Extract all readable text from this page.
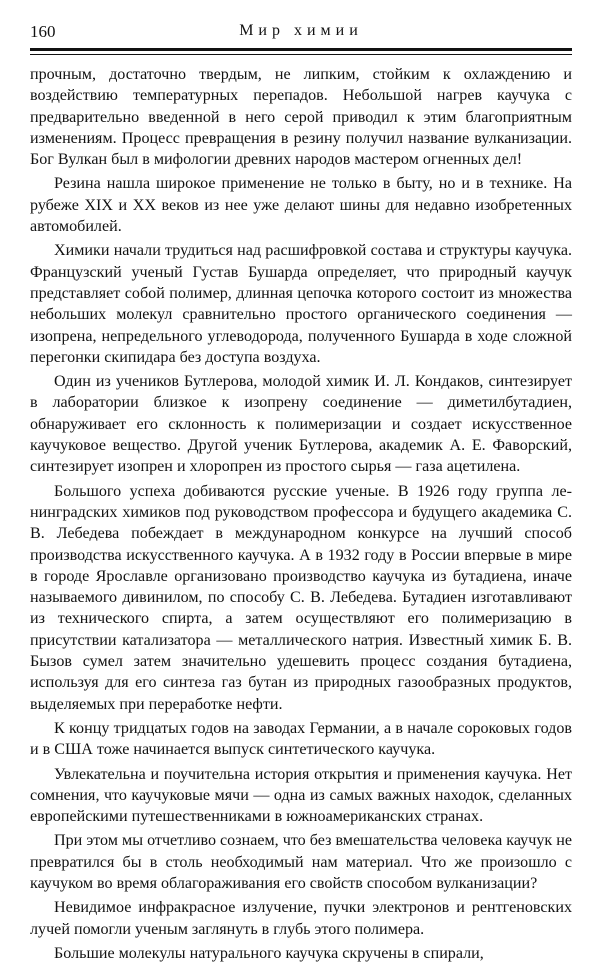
160	Мир химии

прочным, достаточно твердым, не липким, стойким к охлаждению и воздействию температурных перепадов. Небольшой нагрев каучука с предварительно введенной в него серой приводил к этим благоприятным изменениям. Процесс превращения в резину получил название вулканизации. Бог Вулкан был в мифологии древних народов мастером огненных дел!

Резина нашла широкое применение не только в быту, но и в технике. На рубеже XIX и XX веков из нее уже делают шины для недавно изобретенных автомобилей.

Химики начали трудиться над расшифровкой состава и структуры каучука. Французский ученый Густав Бушарда определяет, что природный каучук представляет собой полимер, длинная цепочка которого состоит из множества небольших молекул сравнительно простого органического соединения — изопрена, непредельного углеводорода, полученного Бушарда в ходе сложной перегонки скипидара без доступа воздуха.

Один из учеников Бутлерова, молодой химик И. Л. Кондаков, синтезирует в лаборатории близкое к изопрену соединение — диметилбутадиен, обнаруживает его склонность к полимеризации и создает искусственное каучуковое вещество. Другой ученик Бутлерова, академик А. Е. Фаворский, синтезирует изопрен и хлоропрен из простого сырья — газа ацетилена.

Большого успеха добиваются русские ученые. В 1926 году группа ленинградских химиков под руководством профессора и будущего академика С. В. Лебедева побеждает в международном конкурсе на лучший способ производства искусственного каучука. А в 1932 году в России впервые в мире в городе Ярославле организовано производство каучука из бутадиена, иначе называемого дивинилом, по способу С. В. Лебедева. Бутадиен изготавливают из технического спирта, а затем осуществляют его полимеризацию в присутствии катализатора — металлического натрия. Известный химик Б. В. Бызов сумел затем значительно удешевить процесс создания бутадиена, используя для его синтеза газ бутан из природных газообразных продуктов, выделяемых при переработке нефти.

К концу тридцатых годов на заводах Германии, а в начале сороковых годов и в США тоже начинается выпуск синтетического каучука.

Увлекательна и поучительна история открытия и применения каучука. Нет сомнения, что каучуковые мячи — одна из самых важных находок, сделанных европейскими путешественниками в южноамериканских странах.

При этом мы отчетливо сознаем, что без вмешательства человека каучук не превратился бы в столь необходимый нам материал. Что же произошло с каучуком во время облагораживания его свойств способом вулканизации?

Невидимое инфракрасное излучение, пучки электронов и рентгеновских лучей помогли ученым заглянуть в глубь этого полимера.

Большие молекулы натурального каучука скручены в спирали,
